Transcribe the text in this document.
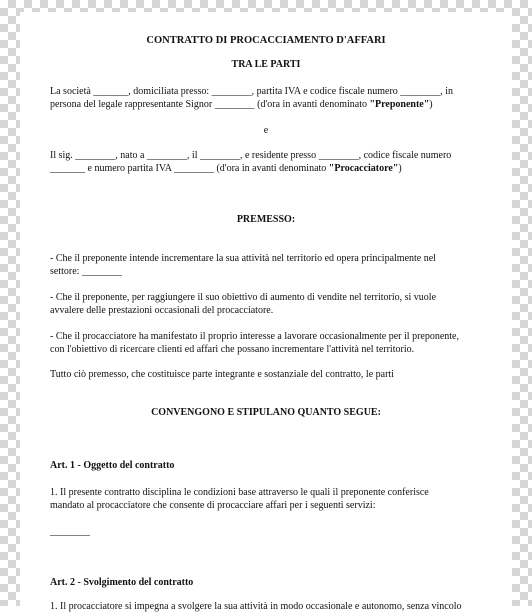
CONTRATTO DI PROCACCIAMENTO D'AFFARI
TRA LE PARTI
La società _______, domiciliata presso: ________, partita IVA e codice fiscale numero ________, in
persona del legale rappresentante Signor ________ (d'ora in avanti denominato "Preponente")
e
Il sig. ________, nato a ________, il ________, e residente presso ________, codice fiscale numero
_______ e numero partita IVA ________ (d'ora in avanti denominato "Procacciatore")
PREMESSO:
- Che il preponente intende incrementare la sua attività nel territorio ed opera principalmente nel
settore: ________
- Che il preponente, per raggiungere il suo obiettivo di aumento di vendite nel territorio, si vuole
avvalere delle prestazioni occasionali del procacciatore.
- Che il procacciatore ha manifestato il proprio interesse a lavorare occasionalmente per il preponente,
con l'obiettivo di ricercare clienti ed affari che possano incrementare l'attività nel territorio.
Tutto ciò premesso, che costituisce parte integrante e sostanziale del contratto, le parti
CONVENGONO E STIPULANO QUANTO SEGUE:
Art. 1 - Oggetto del contratto
1. Il presente contratto disciplina le condizioni base attraverso le quali il preponente conferisce
mandato al procacciatore che consente di procacciare affari per i seguenti servizi:
________
Art. 2 - Svolgimento del contratto
1. Il procacciatore si impegna a svolgere la sua attività in modo occasionale e autonomo, senza vincolo
